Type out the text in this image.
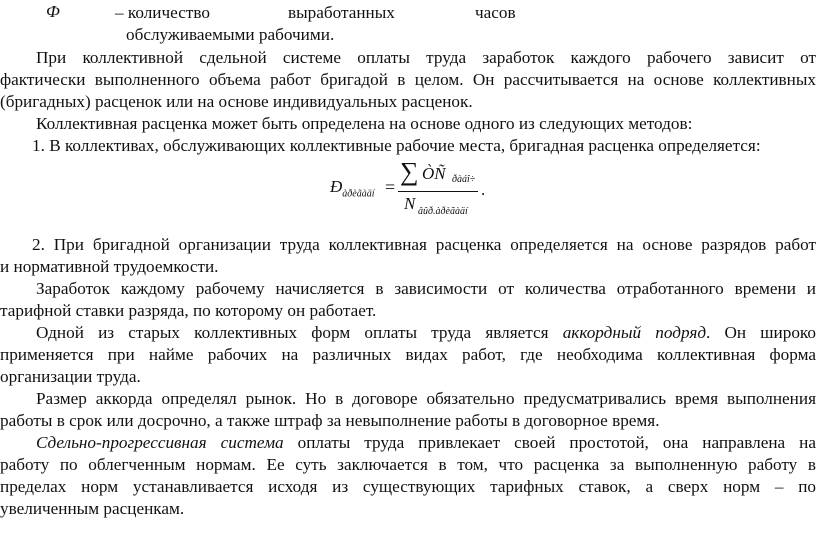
Ф	– количество	выработанных	часов
обслуживаемыми рабочими.
При коллективной сдельной системе оплаты труда заработок каждого рабочего зависит от
фактически выполненного объема работ бригадой в целом. Он рассчитывается на основе коллективных
(бригадных) расценок или на основе индивидуальных расценок.
Коллективная расценка может быть определена на основе одного из следующих методов:
1. В коллективах, обслуживающих коллективные рабочие места, бригадная расценка определяется:
$Ð_{àðèãàäí}$ =
∑ ÒÑ ðàáî÷
N âûð.àðèãàäí
.
2. При бригадной организации труда коллективная расценка определяется на основе разрядов работ
и нормативной трудоемкости.
Заработок каждому рабочему начисляется в зависимости от количества отработанного времени и
тарифной ставки разряда, по которому он работает.
Одной из старых коллективных форм оплаты труда является аккордный подряд. Он широко
применяется при найме рабочих на различных видах работ, где необходима коллективная форма
организации труда.
Размер аккорда определял рынок. Но в договоре обязательно предусматривались время выполнения
работы в срок или досрочно, а также штраф за невыполнение работы в договорное время.
Сдельно-прогрессивная система оплаты труда привлекает своей простотой, она направлена на
работу по облегченным нормам. Ее суть заключается в том, что расценка за выполненную работу в
пределах норм устанавливается исходя из существующих тарифных ставок, а сверх норм – по
увеличенным расценкам.
